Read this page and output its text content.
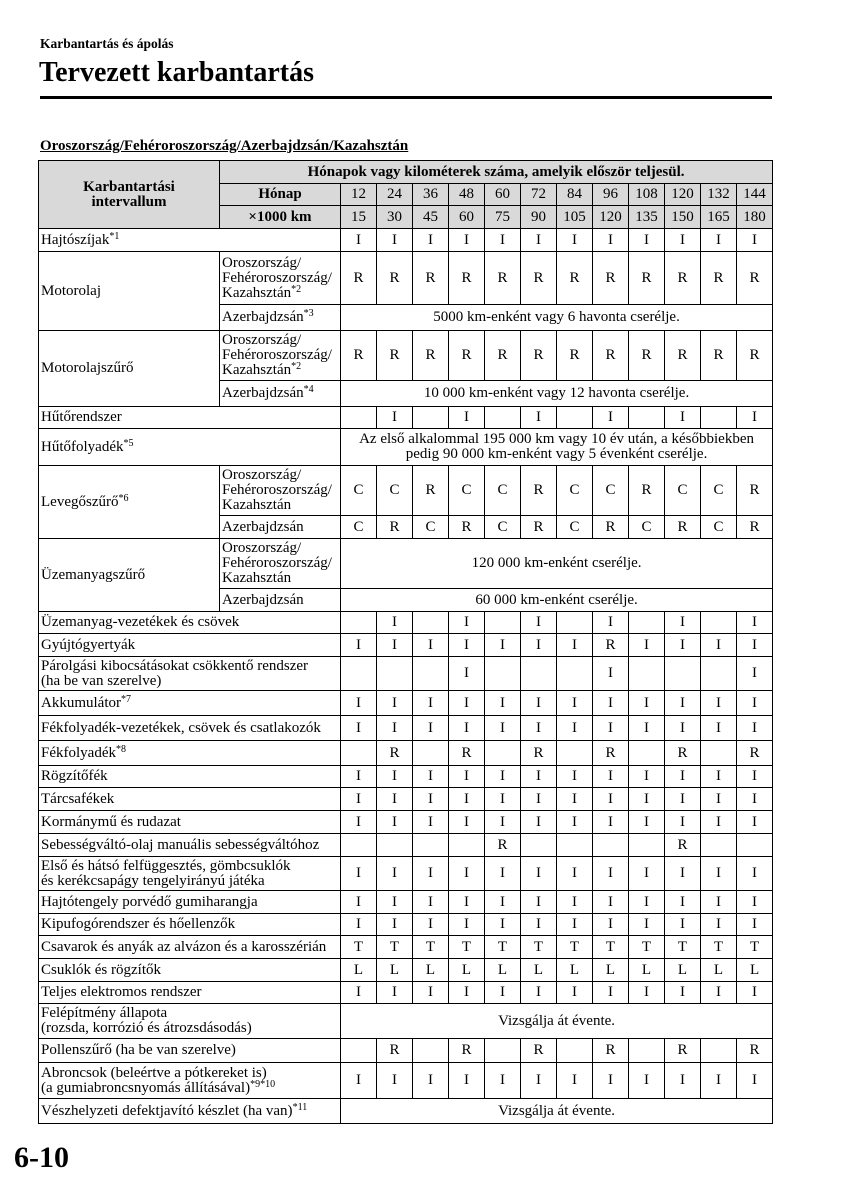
Karbantartás és ápolás
Tervezett karbantartás
Oroszország/Fehéroroszország/Azerbajdzsán/Kazahsztán
Karbantartási
intervallum	Hónapok vagy kilométerek száma, amelyik először teljesül.												
	Hónap	12	24	36	48	60	72	84	96	108	120	132	144
	×1000 km	15	30	45	60	75	90	105	120	135	150	165	180
Hajtószíjak$^{*1}$		I	I	I	I	I	I	I	I	I	I	I	I
Motorolaj	Oroszország/
Fehéroroszország/
Kazahsztán$^{*2}$	R	R	R	R	R	R	R	R	R	R	R	R
	Azerbajdzsán$^{*3}$	5000 km-enként vagy 6 havonta cserélje.											
Motorolajszűrő	Oroszország/
Fehéroroszország/
Kazahsztán$^{*2}$	R	R	R	R	R	R	R	R	R	R	R	R
	Azerbajdzsán$^{*4}$	10 000 km-enként vagy 12 havonta cserélje.											
Hűtőrendszer			I		I		I		I		I		I
Hűtőfolyadék$^{*5}$		Az első alkalommal 195 000 km vagy 10 év után, a későbbiekben
pedig 90 000 km-enként vagy 5 évenként cserélje.											
Levegőszűrő$^{*6}$	Oroszország/
Fehéroroszország/
Kazahsztán	C	C	R	C	C	R	C	C	R	C	C	R
	Azerbajdzsán	C	R	C	R	C	R	C	R	C	R	C	R
Üzemanyagszűrő	Oroszország/
Fehéroroszország/
Kazahsztán	120 000 km-enként cserélje.											
	Azerbajdzsán	60 000 km-enként cserélje.											
Üzemanyag-vezetékek és csövek			I		I		I		I		I		I
Gyújtógyertyák		I	I	I	I	I	I	I	R	I	I	I	I
Párolgási kibocsátásokat csökkentő rendszer
(ha be van szerelve)					I				I				I
Akkumulátor$^{*7}$		I	I	I	I	I	I	I	I	I	I	I	I
Fékfolyadék-vezetékek, csövek és csatlakozók		I	I	I	I	I	I	I	I	I	I	I	I
Fékfolyadék$^{*8}$			R		R		R		R		R		R
Rögzítőfék		I	I	I	I	I	I	I	I	I	I	I	I
Tárcsafékek		I	I	I	I	I	I	I	I	I	I	I	I
Kormánymű és rudazat		I	I	I	I	I	I	I	I	I	I	I	I
Sebességváltó-olaj manuális sebességváltóhoz						R					R		
Első és hátsó felfüggesztés, gömbcsuklók
és kerékcsapágy tengelyirányú játéka		I	I	I	I	I	I	I	I	I	I	I	I
Hajtótengely porvédő gumiharangja		I	I	I	I	I	I	I	I	I	I	I	I
Kipufogórendszer és hőellenzők		I	I	I	I	I	I	I	I	I	I	I	I
Csavarok és anyák az alvázon és a karosszérián		T	T	T	T	T	T	T	T	T	T	T	T
Csuklók és rögzítők		L	L	L	L	L	L	L	L	L	L	L	L
Teljes elektromos rendszer		I	I	I	I	I	I	I	I	I	I	I	I
Felépítmény állapota
(rozsda, korrózió és átrozsdásodás)		Vizsgálja át évente.											
Pollenszűrő (ha be van szerelve)			R		R		R		R		R		R
Abroncsok (beleértve a pótkereket is)
(a gumiabroncsnyomás állításával)$^{*9*10}$		I	I	I	I	I	I	I	I	I	I	I	I
Vészhelyzeti defektjavító készlet (ha van)$^{*11}$		Vizsgálja át évente.											
6-10
